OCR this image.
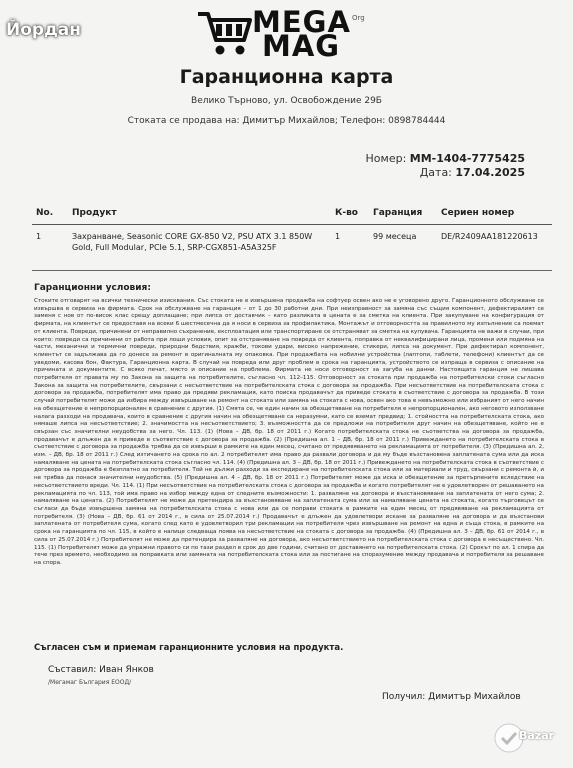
Йордан	MEGA
MAG
Org
Гаранционна карта
Велико Търново, ул. Освобождение 29Б
Стоката се продава на: Димитър Михайлов; Телефон: 0898784444
Номер: MM-1404-7775425
Дата: 17.04.2025
No.	Продукт	К-во	Гаранция	Сериен номер
1	Захранване, Seasonic CORE GX-850 V2, PSU ATX 3.1 850W Gold, Full Modular, PCIe 5.1, SRP-CGX851-A5A325F	1	99 месеца	DE/R2409AA181220613
Гаранционни условия:
Стоките отговарят на всички технически изисквания. Със стоката не е извършена продажба на софтуер освен ако не е уговорено друго. Гаранционното обслужване се извършва в сервиза на фирмата. Срок на обслужване на гаранция – от 1 до 30 работни дни. При неизправност за замяна със същия компонент, дефектиралият се заменя с нов от по-висок клас срещу доплащане; при липса от доставчик – като разликата в цената е за сметка на клиента. При закупуване на конфигурация от фирмата, на клиентът се предоставя на всеки 6 шестмесечна да я носи в сервиза за профилактика. Монтажът и отговорността за правилното му изпълнение са поемат от клиента. Повреди, причинени от неправилно съхранение, експлоатация или транспортиране се отстраняват за сметка на купувача. Гаранцията не важи в случаи, при които: повреди са причинени от работа при лоши условия, опит за отстраняване на повреда от клиента, поправка от неквалифицирани лица, промени или подмяна на части, механични и термични повреди, природни бедствия, кражби, токови удари, високо напрежение, стикери, липса на документ. При дефектирал компонент, клиентът се задължава да го донесе за ремонт в оригиналната му опаковка. При продажбата на нобилни устройства (лаптопи, таблети, телефони) клиентът да се уведоми, касова бон, Фактура, Гаранционна карта. В случай на повреда или друг проблем в срока на гаранцията, устройството се изпраща в сервиза с описание на причината и документите. С всяко печат, място и описание на проблема. Фирмата не носи отговорност за загуба на данни. Настоящата гаранция не лишава потребителя от правата му по Закона за защита на потребителите, съгласно чл. 112–115. Отговорност за стоката при продажба на потребителски стоки съгласно Закона за защита на потребителите, свързани с несъответствие на потребителската стока с договора за продажба. При несъответствие на потребителската стока с договора за продажба, потребителят има право да предяви рекламация, като поиска продавачът да приведе стоката в съответствие с договора за продажба. В този случай потребителят може да избира между извършване на ремонт на стоката или замяна на стоката с нова, освен ако това е невъзможно или избраният от него начин на обезщетение е непропорционален в сравнение с другия. (1) Смята се, че един начин за обезщетяване на потребителя е непропорционален, ако неговото използване налага разходи на продавача, които в сравнение с другия начин на обезщетяване са неразумни, като се вземат предвид: 1. стойността на потребителската стока, ако нямаше липса на несъответствие; 2. значимостта на несъответствието; 3. възможността да се предложи на потребителя друг начин на обезщетяване, който не е свързан със значителни неудобства за него. Чл. 113. (1) (Нова – ДВ, бр. 18 от 2011 г.) Когато потребителската стока не съответства на договора за продажба, продавачът е длъжен да я приведе в съответствие с договора за продажба. (2) (Предишна ал. 1 – ДВ, бр. 18 от 2011 г.) Привеждането на потребителската стока в съответствие с договора за продажба трябва да се извърши в рамките на един месец, считано от предявяването на рекламацията от потребителя. (3) (Предишна ал. 2, изм. – ДВ, бр. 18 от 2011 г.) След изтичането на срока по ал. 2 потребителят има право да развали договора и да му бъде възстановена заплатената сума или да иска намаляване на цената на потребителската стока съгласно чл. 114. (4) (Предишна ал. 3 – ДВ, бр. 18 от 2011 г.) Привеждането на потребителската стока в съответствие с договора за продажба е безплатно за потребителя. Той не дължи разходи за експедиране на потребителската стока или за материали и труд, свързани с ремонта ѝ, и не трябва да понася значителни неудобства. (5) (Предишна ал. 4 – ДВ, бр. 18 от 2011 г.) Потребителят може да иска и обезщетение за претърпените вследствие на несъответствието вреди. Чл. 114. (1) При несъответствие на потребителската стока с договора за продажба и когато потребителят не е удовлетворен от решаването на рекламацията по чл. 113, той има право на избор между една от следните възможности: 1. разваляне на договора и възстановяване на заплатената от него сума; 2. намаляване на цената. (2) Потребителят не може да претендира за възстановяване на заплатената сума или за намаляване цената на стоката, когато търговецът се съгласи да бъде извършена замяна на потребителската стока с нова или да се поправи стоката в рамките на един месец от предявяване на рекламацията от потребителя. (3) (Нова – ДВ, бр. 61 от 2014 г., в сила от 25.07.2014 г.) Продавачът е длъжен да удовлетвори искане за разваляне на договора и да възстанови заплатената от потребителя сума, когато след като е удовлетворил три рекламации на потребителя чрез извършване на ремонт на една и съща стока, в рамките на срока на гаранцията по чл. 115, в който е налице следваща поява на несъответствие на стоката с договора за продажба. (4) (Предишна ал. 3 – ДВ, бр. 61 от 2014 г., в сила от 25.07.2014 г.) Потребителят не може да претендира за разваляне на договора, ако несъответствието на потребителската стока с договора е несъществено. Чл. 115. (1) Потребителят може да упражни правото си по тази раздел в срок до две години, считано от доставянето на потребителската стока. (2) Срокът по ал. 1 спира да тече през времето, необходимо за поправката или замяната на потребителската стока или за постигане на споразумение между продавача и потребителя за решаване на спора.
Съгласен съм и приемам гаранционните условия на продукта.
Съставил: Иван Янков
/Мегамаг България ЕООД/
Получил: Димитър Михайлов
Bazar
